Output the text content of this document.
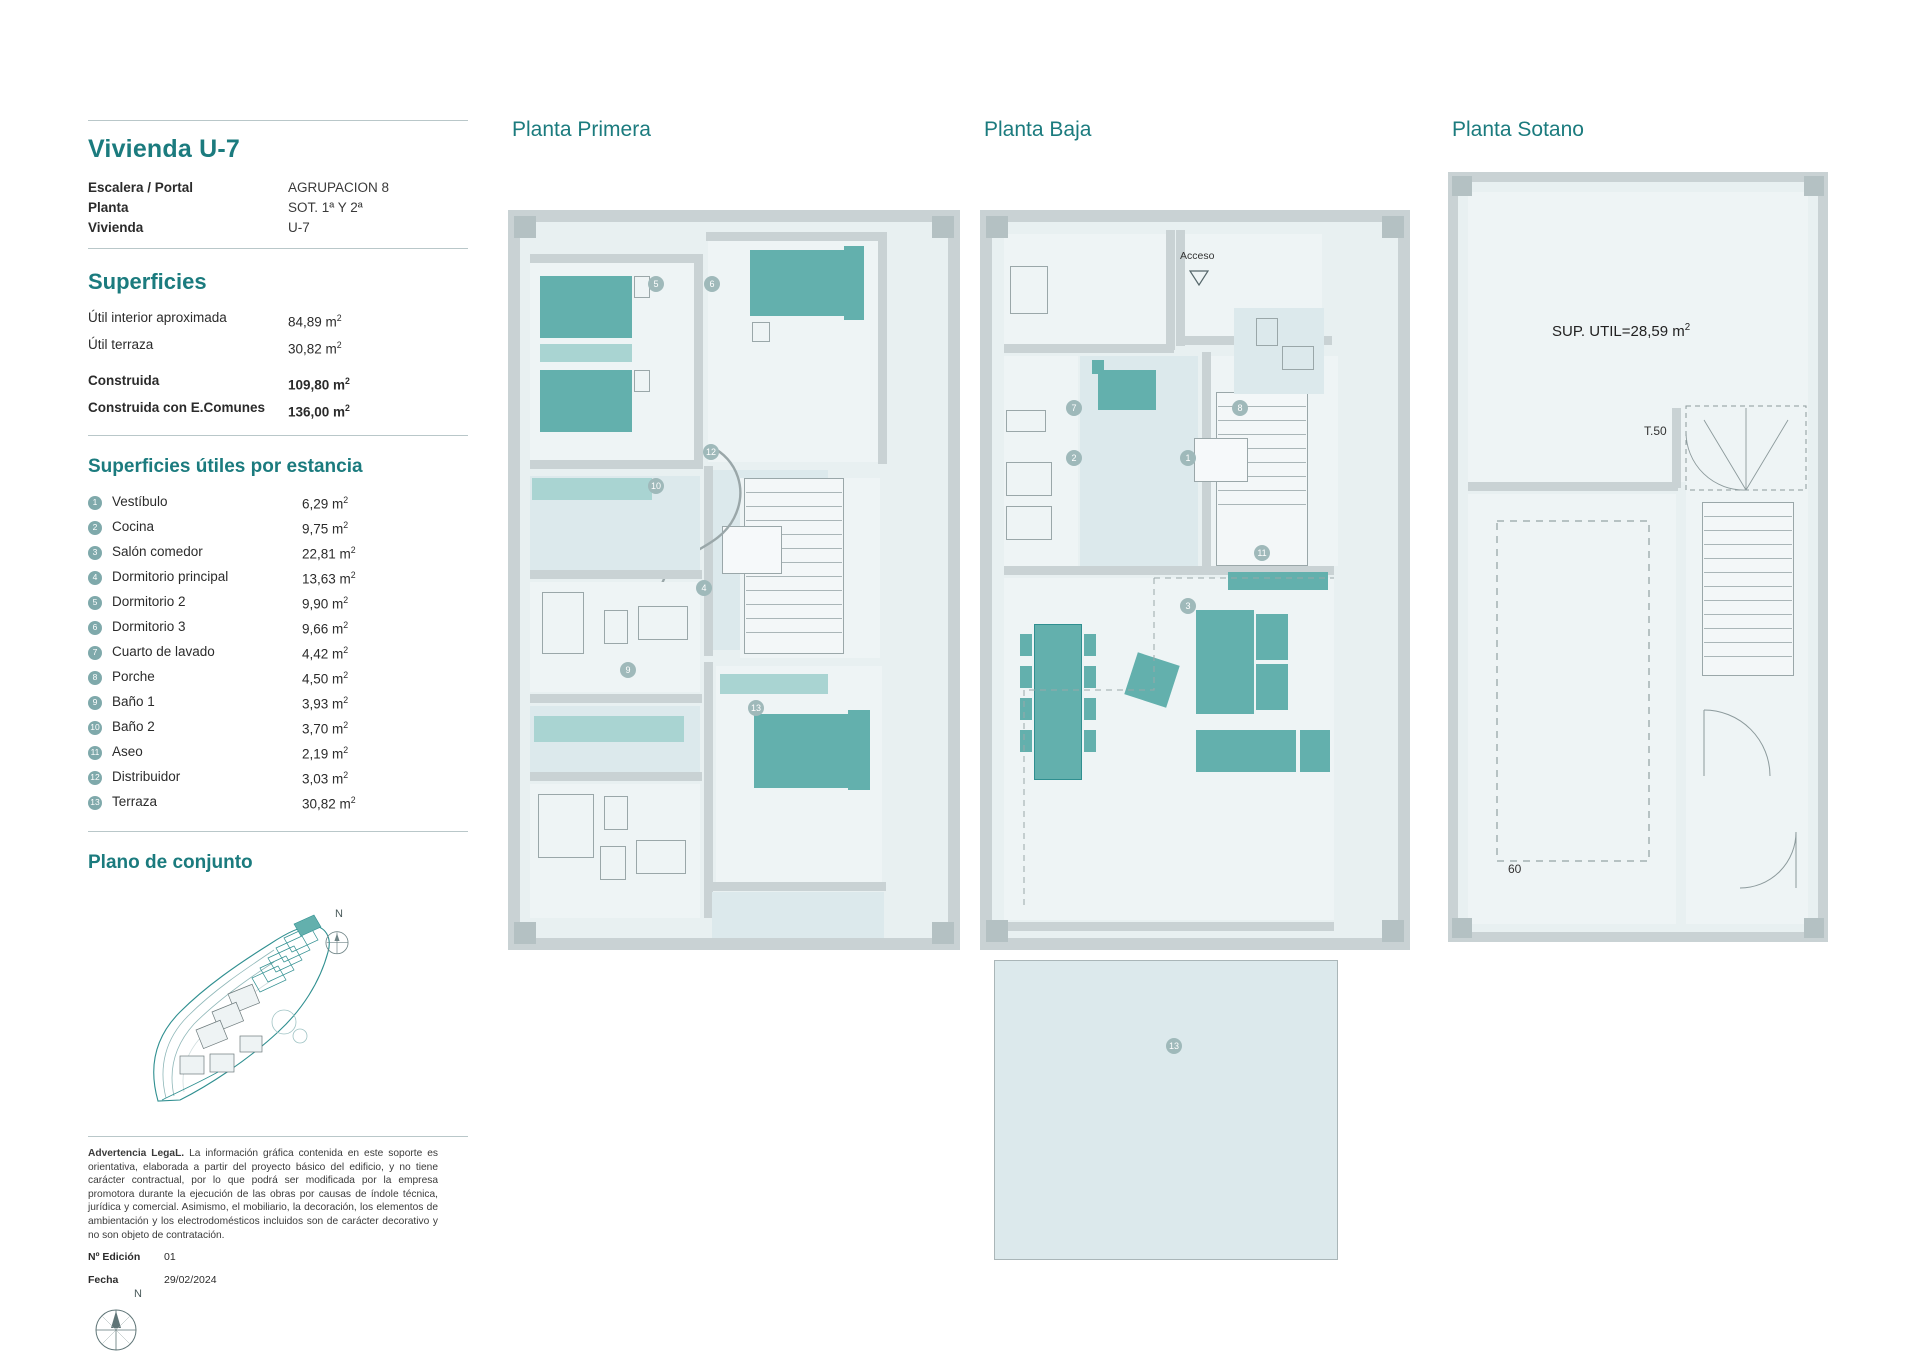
Vivienda U-7
Escalera / Portal	AGRUPACION 8
Planta	SOT. 1ª Y 2ª
Vivienda	U-7
Superficies
Útil interior aproximada	84,89 $m^2$
Útil terraza	30,82 $m^2$
Construida	109,80 $m^2$
Construida con E.Comunes	136,00 $m^2$
Superficies útiles por estancia
1	Vestíbulo	6,29 $m^2$
2	Cocina	9,75 $m^2$
3	Salón comedor	22,81 $m^2$
4	Dormitorio principal	13,63 $m^2$
5	Dormitorio 2	9,90 $m^2$
6	Dormitorio 3	9,66 $m^2$
7	Cuarto de lavado	4,42 $m^2$
8	Porche	4,50 $m^2$
9	Baño 1	3,93 $m^2$
10 Baño 2	3,70 $m^2$
11 Aseo	2,19 $m^2$
12 Distribuidor	3,03 $m^2$
13 Terraza	30,82 $m^2$
Plano de conjunto
N
Advertencia LegaL. La información gráfica contenida en este soporte es orientativa, elaborada a partir del proyecto básico del edificio, y no tiene carácter contractual, por lo que podrá ser modificada por la empresa promotora durante la ejecución de las obras por causas de índole técnica, jurídica y comercial. Asimismo, el mobiliario, la decoración, los elementos de ambientación y los electrodomésticos incluidos son de carácter decorativo y no son objeto de contratación.
Nº Edición	01
Fecha	29/02/2024
N
Planta Primera	Planta Baja	Planta Sotano
5	6
12
10
4
9
13
Acceso
7	8
11
2	1
3
13
SUP. UTIL=28,59 $m^2$
60
T.50
